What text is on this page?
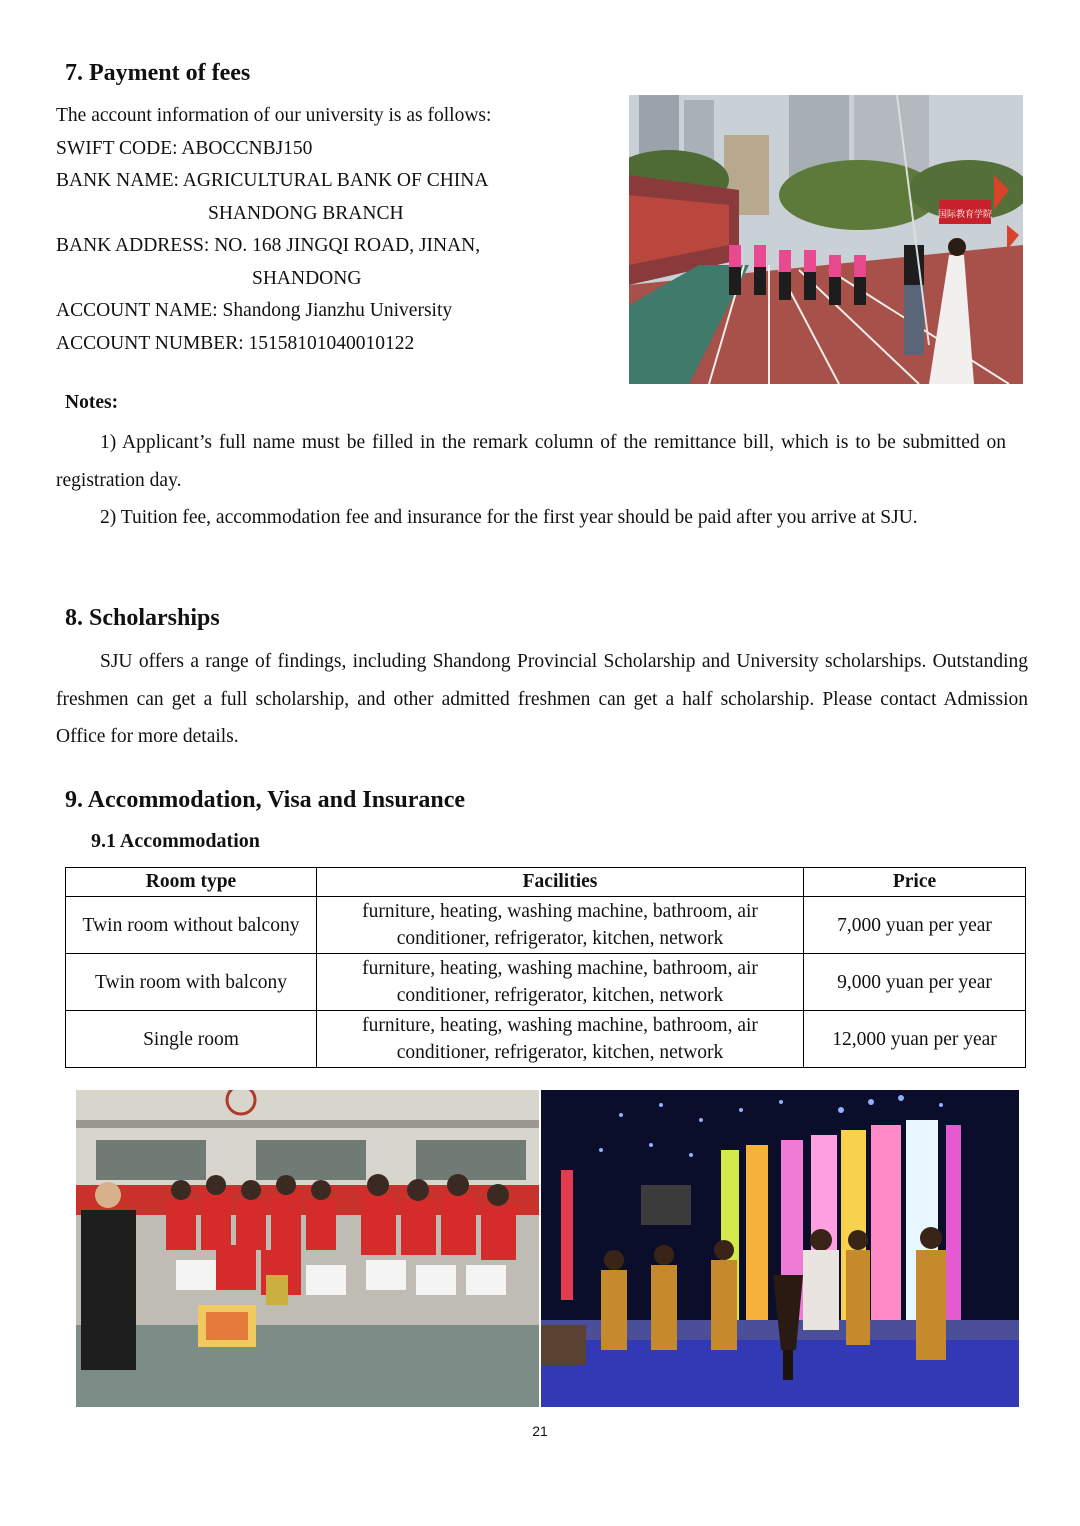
7. Payment of fees
The account information of our university is as follows:
SWIFT CODE: ABOCCNBJ150
BANK NAME: AGRICULTURAL BANK OF CHINA
SHANDONG BRANCH
BANK ADDRESS: NO. 168 JINGQI ROAD, JINAN,
SHANDONG
ACCOUNT NAME: Shandong Jianzhu University
ACCOUNT NUMBER: 15158101040010122
国际教育学院
Notes:
1) Applicant’s full name must be filled in the remark column of the remittance bill, which is to be submitted on registration day.
2) Tuition fee, accommodation fee and insurance for the first year should be paid after you arrive at SJU.
8. Scholarships
SJU offers a range of findings, including Shandong Provincial Scholarship and University scholarships. Outstanding freshmen can get a full scholarship, and other admitted freshmen can get a half scholarship. Please contact Admission Office for more details.
9. Accommodation, Visa and Insurance
9.1 Accommodation
Room type	Facilities	Price
Twin room without balcony	furniture, heating, washing machine, bathroom, air conditioner, refrigerator, kitchen, network	7,000 yuan per year
Twin room with balcony	furniture, heating, washing machine, bathroom, air conditioner, refrigerator, kitchen, network	9,000 yuan per year
Single room	furniture, heating, washing machine, bathroom, air conditioner, refrigerator, kitchen, network	12,000 yuan per year
21
